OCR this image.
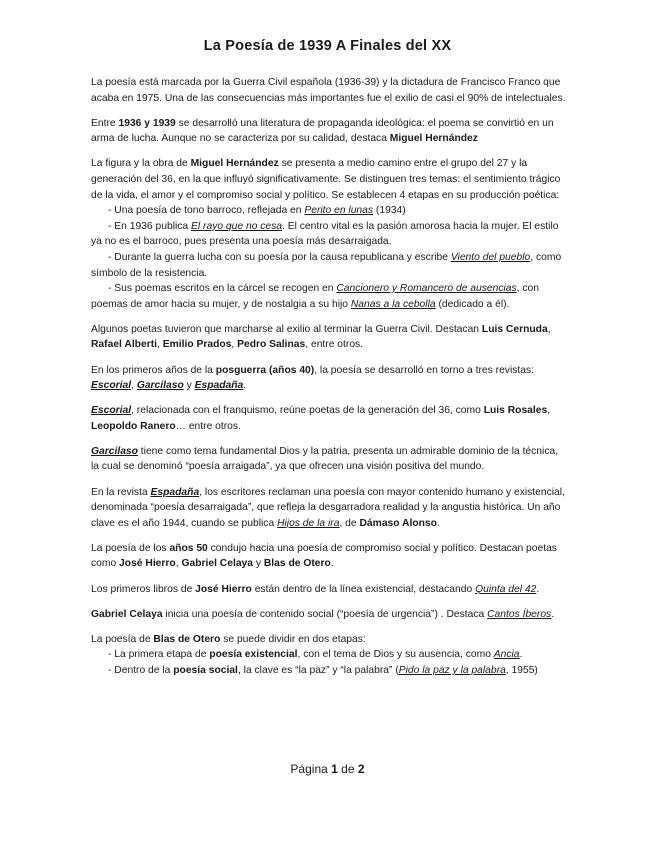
La Poesía de 1939 A Finales del XX

La poesía está marcada por la Guerra Civil española (1936-39) y la dictadura de Francisco Franco que acaba en 1975. Una de las consecuencias más importantes fue el exilio de casi el 90% de intelectuales.

Entre 1936 y 1939 se desarrolló una literatura de propaganda ideológica: el poema se convirtió en un arma de lucha. Aunque no se caracteriza por su calidad, destaca Miguel Hernández

La figura y la obra de Miguel Hernández se presenta a medio camino entre el grupo del 27 y la generación del 36, en la que influyó significativamente. Se distinguen tres temas: el sentimiento trágico de la vida, el amor y el compromiso social y político. Se establecen 4 etapas en su producción poética:

- Una poesía de tono barroco, reflejada en Perito en lunas (1934)
- En 1936 publica El rayo que no cesa. El centro vital es la pasión amorosa hacia la mujer. El estilo ya no es el barroco, pues presenta una poesía más desarraigada.
- Durante la guerra lucha con su poesía por la causa republicana y escribe Viento del pueblo, como símbolo de la resistencia.

- Sus poemas escritos en la cárcel se recogen en Cancionero y Romancero de ausencias, con poemas de amor hacia su mujer, y de nostalgia a su hijo Nanas a la cebolla (dedicado a él).

Algunos poetas tuvieron que marcharse al exilio al terminar la Guerra Civil. Destacan Luis Cernuda, Rafael Alberti, Emilio Prados, Pedro Salinas, entre otros.

En los primeros años de la posguerra (años 40), la poesía se desarrolló en torno a tres revistas: Escorial, Garcilaso y Espadaña.

Escorial, relacionada con el franquismo, reúne poetas de la generación del 36, como Luis Rosales, Leopoldo Ranero… entre otros.

Garcilaso tiene como tema fundamental Dios y la patria, presenta un admirable dominio de la técnica, la cual se denominó “poesía arraigada”, ya que ofrecen una visión positiva del mundo.

En la revista Espadaña, los escritores reclaman una poesía con mayor contenido humano y existencial, denominada “poesía desarraigada”, que refleja la desgarradora realidad y la angustia histórica. Un año clave es el año 1944, cuando se publica Hijos de la ira, de Dámaso Alonso.

La poesía de los años 50 condujo hacia una poesía de compromiso social y político. Destacan poetas como José Hierro, Gabriel Celaya y Blas de Otero.

Los primeros libros de José Hierro están dentro de la línea existencial, destacando Quinta del 42.

Gabriel Celaya inicia una poesía de contenido social (“poesía de urgencia”) . Destaca Cantos Íberos.

La poesía de Blas de Otero se puede dividir en dos etapas:

- La primera etapa de poesía existencial, con el tema de Dios y su ausencia, como Ancia.
- Dentro de la poesía social, la clave es “la paz” y “la palabra” (Pido la paz y la palabra, 1955)
Página 1 de 2
